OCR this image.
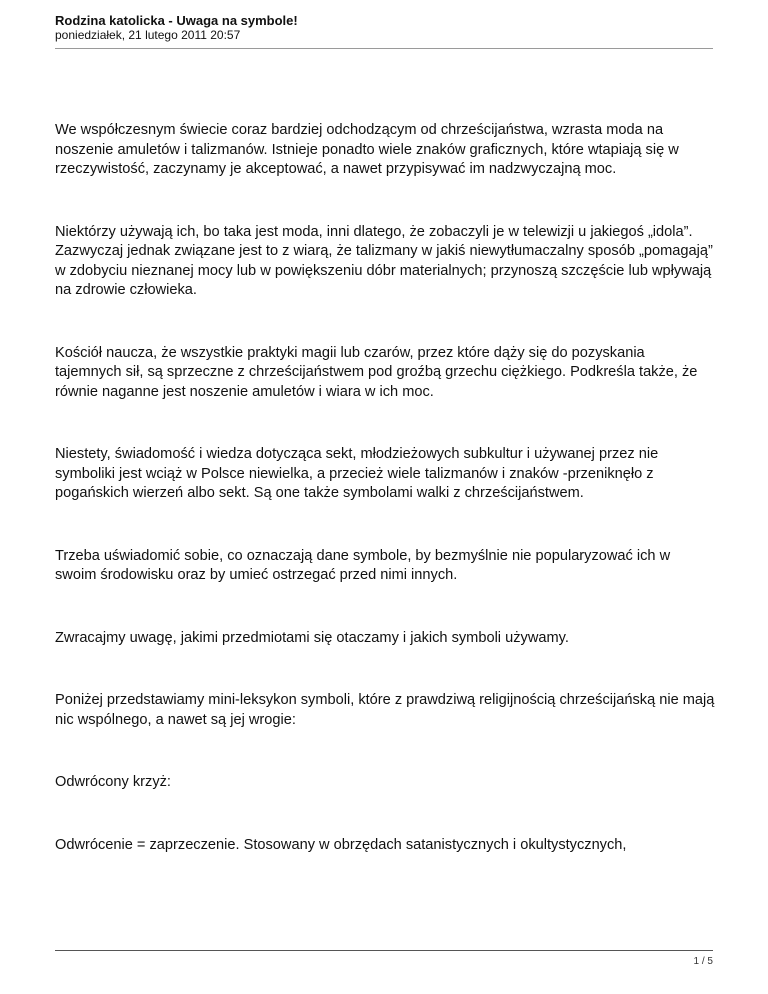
Rodzina katolicka - Uwaga na symbole!

poniedziałek, 21 lutego 2011 20:57

We współczesnym świecie coraz bardziej odchodzącym od chrześcijaństwa, wzrasta moda na noszenie amuletów i talizmanów. Istnieje ponadto wiele znaków graficznych, które wtapiają się w rzeczywistość, zaczynamy je akceptować, a nawet przypisywać im nadzwyczajną moc.

Niektórzy używają ich, bo taka jest moda, inni dlatego, że zobaczyli je w telewizji u jakiegoś „idola”. Zazwyczaj jednak związane jest to z wiarą, że talizmany w jakiś niewytłumaczalny sposób „pomagają” w zdobyciu nieznanej mocy lub w powiększeniu dóbr materialnych; przynoszą szczęście lub wpływają na zdrowie człowieka.

Kościół naucza, że wszystkie praktyki magii lub czarów, przez które dąży się do pozyskania tajemnych sił, są sprzeczne z chrześcijaństwem pod groźbą grzechu ciężkiego. Podkreśla także, że równie naganne jest noszenie amuletów i wiara w ich moc.

Niestety, świadomość i wiedza dotycząca sekt, młodzieżowych subkultur i używanej przez nie symboliki jest wciąż w Polsce niewielka, a przecież wiele talizmanów i znaków -przeniknęło z pogańskich wierzeń albo sekt. Są one także symbolami walki z chrześcijaństwem.

Trzeba uświadomić sobie, co oznaczają dane symbole, by bezmyślnie nie popularyzować ich w swoim środowisku oraz by umieć ostrzegać przed nimi innych.

Zwracajmy uwagę, jakimi przedmiotami się otaczamy i jakich symboli używamy.

Poniżej przedstawiamy mini-leksykon symboli, które z prawdziwą religijnością chrześcijańską nie mają nic wspólnego, a nawet są jej wrogie:

Odwrócony krzyż:

Odwrócenie = zaprzeczenie. Stosowany w obrzędach satanistycznych i okultystycznych,

1 / 5
